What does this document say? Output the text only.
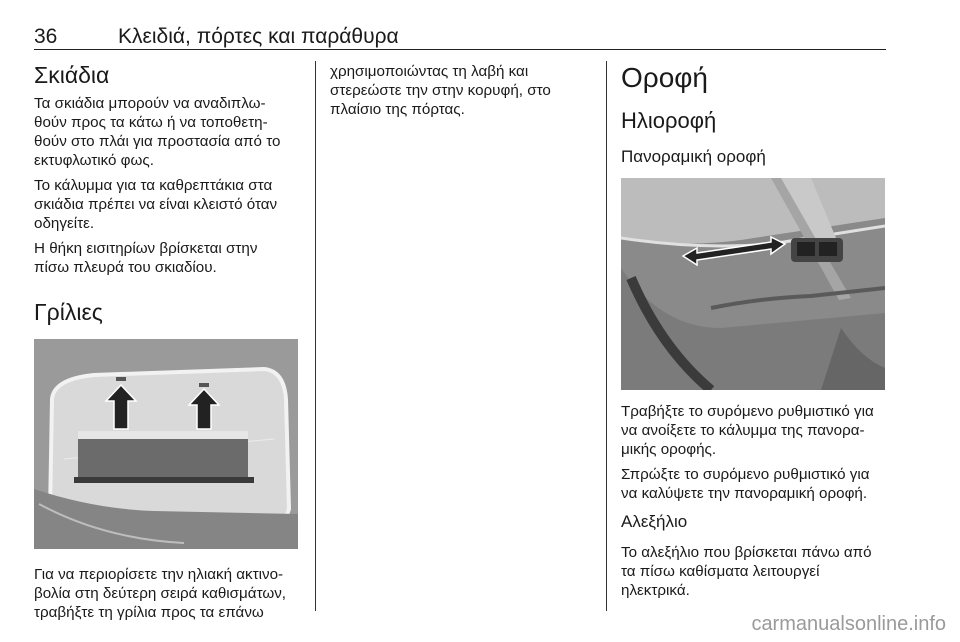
36	Κλειδιά, πόρτες και παράθυρα
Σκιάδια

Τα σκιάδια μπορούν να αναδιπλω-
θούν προς τα κάτω ή να τοποθετη-
θούν στο πλάι για προστασία από το
εκτυφλωτικό φως.

Το κάλυμμα για τα καθρεπτάκια στα
σκιάδια πρέπει να είναι κλειστό όταν
οδηγείτε.

Η θήκη εισιτηρίων βρίσκεται στην
πίσω πλευρά του σκιαδίου.

Γρίλιες

Για να περιορίσετε την ηλιακή ακτινο-
βολία στη δεύτερη σειρά καθισμάτων,
τραβήξτε τη γρίλια προς τα επάνω

χρησιμοποιώντας τη λαβή και
στερεώστε την στην κορυφή, στο
πλαίσιο της πόρτας.

Οροφή
Ηλιοροφή
Πανοραμική οροφή

Τραβήξτε το συρόμενο ρυθμιστικό για
να ανοίξετε το κάλυμμα της πανορα-
μικής οροφής.

Σπρώξτε το συρόμενο ρυθμιστικό για
να καλύψετε την πανοραμική οροφή.

Αλεξήλιο

Το αλεξήλιο που βρίσκεται πάνω από
τα πίσω καθίσματα λειτουργεί
ηλεκτρικά.

carmanualsonline.info
